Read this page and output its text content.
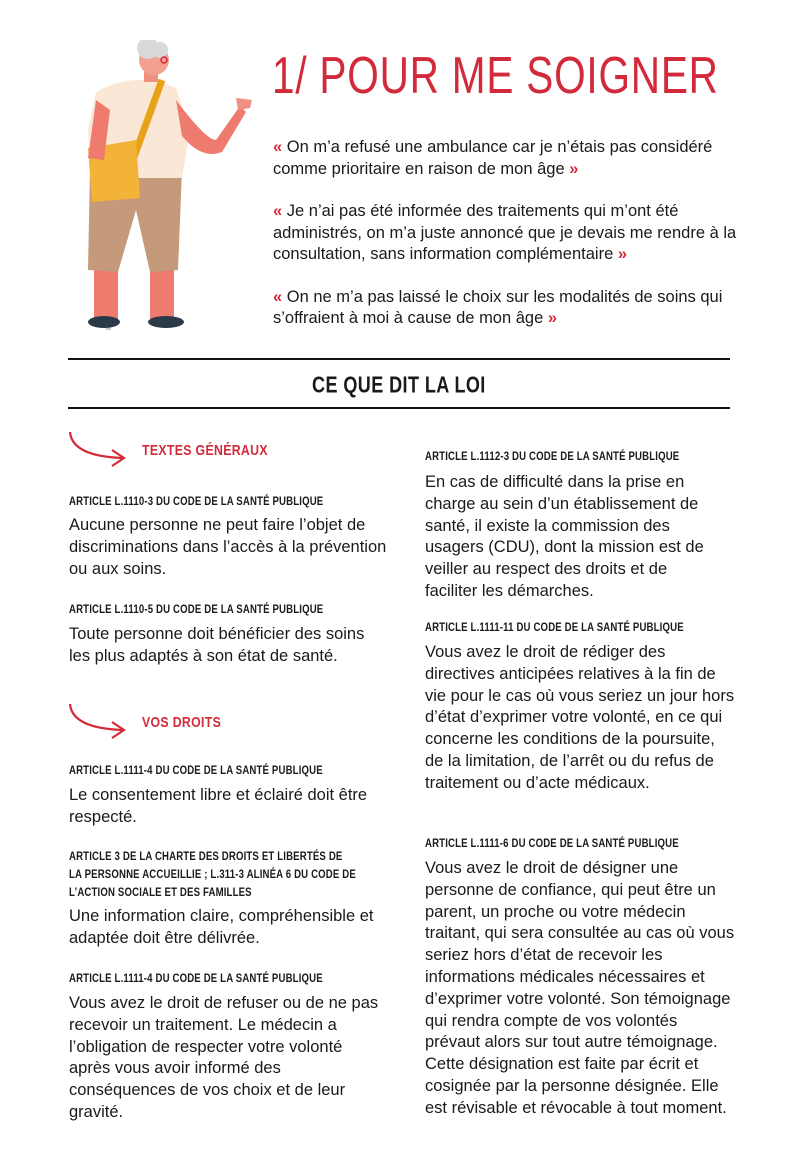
1/ POUR ME SOIGNER

« On m’a refusé une ambulance car je n’étais pas considéré comme prioritaire en raison de mon âge »

« Je n’ai pas été informée des traitements qui m’ont été administrés, on m’a juste annoncé que je devais me rendre à la consultation, sans information complémentaire »

« On ne m’a pas laissé le choix sur les modalités de soins qui s’offraient à moi à cause de mon âge »

CE QUE DIT LA LOI
TEXTES GÉNÉRAUX
ARTICLE L.1110-3 DU CODE DE LA SANTÉ PUBLIQUE
Aucune personne ne peut faire l’objet de discriminations dans l’accès à la prévention ou aux soins.
ARTICLE L.1110-5 DU CODE DE LA SANTÉ PUBLIQUE
Toute personne doit bénéficier des soins les plus adaptés à son état de santé.
VOS DROITS
ARTICLE L.1111-4 DU CODE DE LA SANTÉ PUBLIQUE
Le consentement libre et éclairé doit être respecté.
ARTICLE 3 DE LA CHARTE DES DROITS ET LIBERTÉS DE LA PERSONNE ACCUEILLIE ; L.311-3 ALINÉA 6 DU CODE DE L’ACTION SOCIALE ET DES FAMILLES
Une information claire, compréhensible et adaptée doit être délivrée.
ARTICLE L.1111-4 DU CODE DE LA SANTÉ PUBLIQUE
Vous avez le droit de refuser ou de ne pas recevoir un traitement. Le médecin a l’obligation de respecter votre volonté après vous avoir informé des conséquences de vos choix et de leur gravité.
ARTICLE L.1112-3 DU CODE DE LA SANTÉ PUBLIQUE
En cas de difficulté dans la prise en charge au sein d’un établissement de santé, il existe la commission des usagers (CDU), dont la mission est de veiller au respect des droits et de faciliter les démarches.
ARTICLE L.1111-11 DU CODE DE LA SANTÉ PUBLIQUE
Vous avez le droit de rédiger des directives anticipées relatives à la fin de vie pour le cas où vous seriez un jour hors d’état d’exprimer votre volonté, en ce qui concerne les conditions de la poursuite, de la limitation, de l’arrêt ou du refus de traitement ou d’acte médicaux.
ARTICLE L.1111-6 DU CODE DE LA SANTÉ PUBLIQUE
Vous avez le droit de désigner une personne de confiance, qui peut être un parent, un proche ou votre médecin traitant, qui sera consultée au cas où vous seriez hors d’état de recevoir les informations médicales nécessaires et d’exprimer votre volonté. Son témoignage qui rendra compte de vos volontés prévaut alors sur tout autre témoignage. Cette désignation est faite par écrit et cosignée par la personne désignée. Elle est révisable et révocable à tout moment.
